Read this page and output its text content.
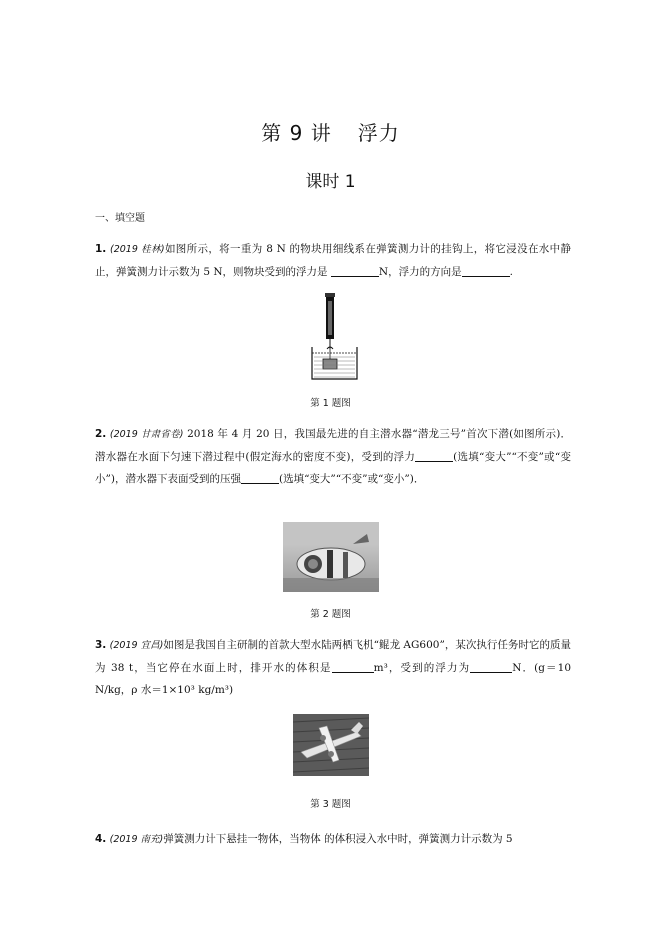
第 9 讲 浮力
课时 1
一、填空题
1. (2019 桂林)如图所示，将一重为 8 N 的物块用细线系在弹簧测力计的挂钩上，将它浸没在水中静止，弹簧测力计示数为 5 N，则物块受到的浮力是	N，浮力的方向是	.
第 1 题图
2. (2019 甘肃省卷) 2018 年 4 月 20 日，我国最先进的自主潜水器“潜龙三号”首次下潜(如图所示)．潜水器在水面下匀速下潜过程中(假定海水的密度不变)，受到的浮力	(选填“变大”“不变”或“变小”)，潜水器下表面受到的压强	(选填“变大”“不变”或“变小”)．
第 2 题图
3. (2019 宜昌)如图是我国自主研制的首款大型水陆两栖飞机“鲲龙 AG600”，某次执行任务时它的质量为 38 t，当它停在水面上时，排开水的体积是	m³，受到的浮力为	N．(g＝10 N/kg，ρ 水＝1×10³ kg/m³)
第 3 题图
4. (2019 南充)弹簧测力计下悬挂一物体，当物体 的体积浸入水中时，弹簧测力计示数为 5
